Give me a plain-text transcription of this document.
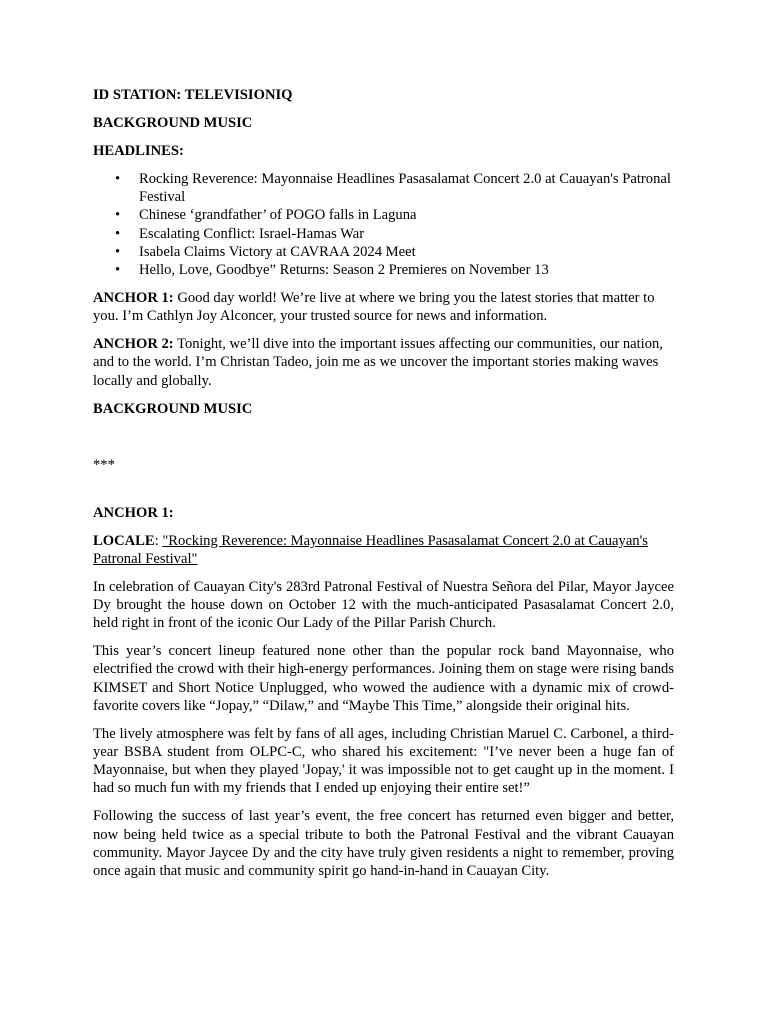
ID STATION: TELEVISIONIQ

BACKGROUND MUSIC

HEADLINES:

• Rocking Reverence: Mayonnaise Headlines Pasasalamat Concert 2.0 at Cauayan's Patronal Festival
• Chinese ‘grandfather’ of POGO falls in Laguna
• Escalating Conflict: Israel-Hamas War
• Isabela Claims Victory at CAVRAA 2024 Meet
• Hello, Love, Goodbye” Returns: Season 2 Premieres on November 13

ANCHOR 1: Good day world! We’re live at where we bring you the latest stories that matter to you. I’m Cathlyn Joy Alconcer, your trusted source for news and information.

ANCHOR 2: Tonight, we’ll dive into the important issues affecting our communities, our nation, and to the world. I’m Christan Tadeo, join me as we uncover the important stories making waves locally and globally.

BACKGROUND MUSIC

***

ANCHOR 1:

LOCALE: "Rocking Reverence: Mayonnaise Headlines Pasasalamat Concert 2.0 at Cauayan's Patronal Festival"

In celebration of Cauayan City's 283rd Patronal Festival of Nuestra Señora del Pilar, Mayor Jaycee Dy brought the house down on October 12 with the much-anticipated Pasasalamat Concert 2.0, held right in front of the iconic Our Lady of the Pillar Parish Church.

This year’s concert lineup featured none other than the popular rock band Mayonnaise, who electrified the crowd with their high-energy performances. Joining them on stage were rising bands KIMSET and Short Notice Unplugged, who wowed the audience with a dynamic mix of crowd-favorite covers like “Jopay,” “Dilaw,” and “Maybe This Time,” alongside their original hits.

The lively atmosphere was felt by fans of all ages, including Christian Maruel C. Carbonel, a third-year BSBA student from OLPC-C, who shared his excitement: "I’ve never been a huge fan of Mayonnaise, but when they played 'Jopay,' it was impossible not to get caught up in the moment. I had so much fun with my friends that I ended up enjoying their entire set!”

Following the success of last year’s event, the free concert has returned even bigger and better, now being held twice as a special tribute to both the Patronal Festival and the vibrant Cauayan community. Mayor Jaycee Dy and the city have truly given residents a night to remember, proving once again that music and community spirit go hand-in-hand in Cauayan City.
